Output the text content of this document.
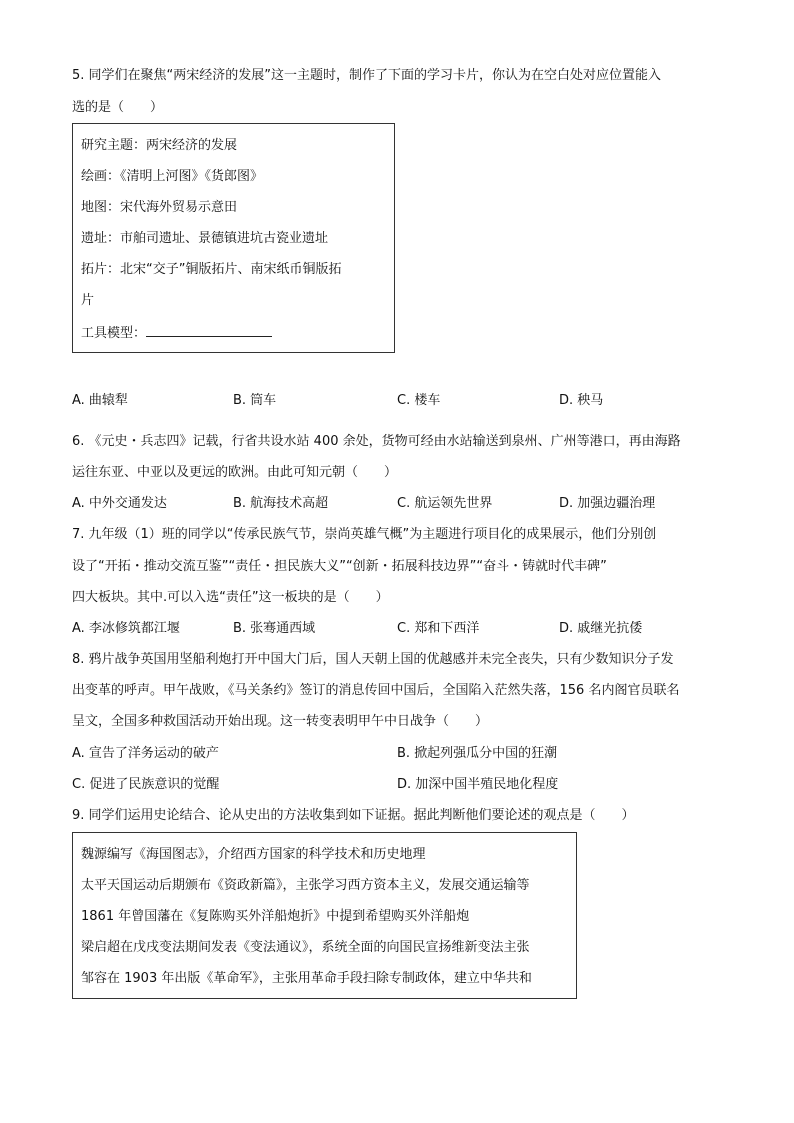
5. 同学们在聚焦“两宋经济的发展”这一主题时，制作了下面的学习卡片，你认为在空白处对应位置能入
选的是（　　）
研究主题：两宋经济的发展
绘画：《清明上河图》《货郎图》
地图：宋代海外贸易示意田
遗址：市舶司遗址、景德镇进坑古瓷业遗址
拓片：北宋“交子”铜版拓片、南宋纸币铜版拓
片
工具模型：
A. 曲辕犁	B. 筒车	C. 楼车	D. 秧马
6. 《元史・兵志四》记载，行省共设水站 400 余处，货物可经由水站输送到泉州、广州等港口，再由海路
运往东亚、中亚以及更远的欧洲。由此可知元朝（　　）
A. 中外交通发达	B. 航海技术高超	C. 航运领先世界	D. 加强边疆治理
7. 九年级（1）班的同学以“传承民族气节，崇尚英雄气概”为主题进行项目化的成果展示，他们分别创
设了“开拓・推动交流互鉴”“责任・担民族大义”“创新・拓展科技边界”“奋斗・铸就时代丰碑”
四大板块。其中.可以入选“责任”这一板块的是（　　）
A. 李冰修筑都江堰	B. 张骞通西域	C. 郑和下西洋	D. 戚继光抗倭
8. 鸦片战争英国用坚船利炮打开中国大门后，国人天朝上国的优越感并未完全丧失，只有少数知识分子发
出变革的呼声。甲午战败，《马关条约》签订的消息传回中国后，全国陷入茫然失落，156 名内阁官员联名
呈文，全国多种救国活动开始出现。这一转变表明甲午中日战争（　　）
A. 宣告了洋务运动的破产	B. 掀起列强瓜分中国的狂潮
C. 促进了民族意识的觉醒	D. 加深中国半殖民地化程度
9. 同学们运用史论结合、论从史出的方法收集到如下证据。据此判断他们要论述的观点是（　　）
魏源编写《海国图志》，介绍西方国家的科学技术和历史地理
太平天国运动后期颁布《资政新篇》，主张学习西方资本主义，发展交通运输等
1861 年曾国藩在《复陈购买外洋船炮折》中提到希望购买外洋船炮
梁启超在戊戌变法期间发表《变法通议》，系统全面的向国民宣扬维新变法主张
邹容在 1903 年出版《革命军》，主张用革命手段扫除专制政体，建立中华共和
